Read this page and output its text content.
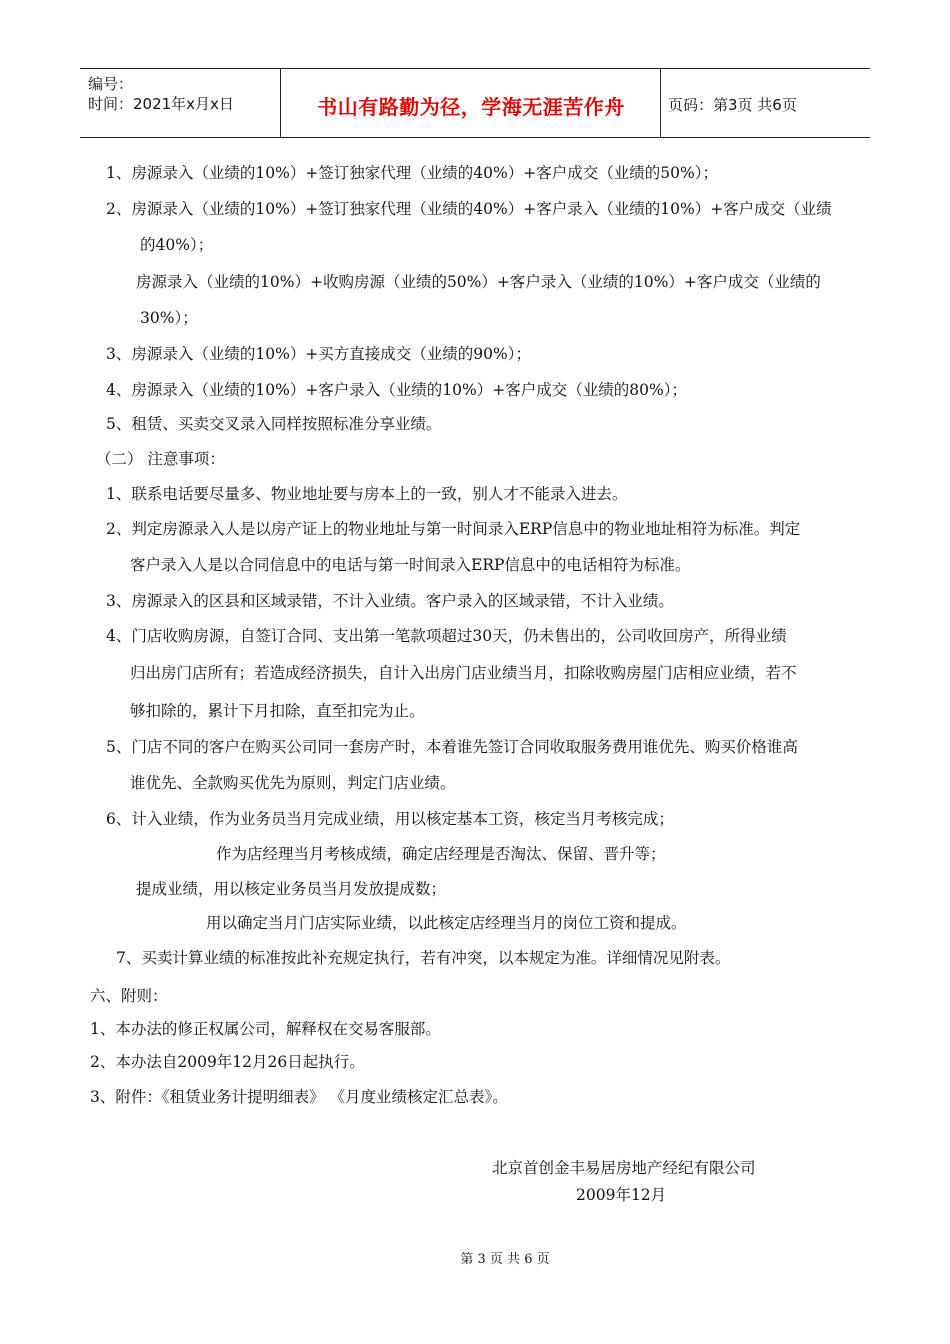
编号：
时间：2021年x月x日	书山有路勤为径，学海无涯苦作舟	页码：第3页 共6页
1、房源录入（业绩的10%）+签订独家代理（业绩的40%）+客户成交（业绩的50%）；
2、房源录入（业绩的10%）+签订独家代理（业绩的40%）+客户录入（业绩的10%）+客户成交（业绩
的40%）；
房源录入（业绩的10%）+收购房源（业绩的50%）+客户录入（业绩的10%）+客户成交（业绩的
30%）；
3、房源录入（业绩的10%）+买方直接成交（业绩的90%）；
4、房源录入（业绩的10%）+客户录入（业绩的10%）+客户成交（业绩的80%）；
5、租赁、买卖交叉录入同样按照标准分享业绩。
（二） 注意事项：
1、联系电话要尽量多、物业地址要与房本上的一致，别人才不能录入进去。
2、判定房源录入人是以房产证上的物业地址与第一时间录入ERP信息中的物业地址相符为标准。判定
客户录入人是以合同信息中的电话与第一时间录入ERP信息中的电话相符为标准。
3、房源录入的区县和区域录错，不计入业绩。客户录入的区域录错，不计入业绩。
4、门店收购房源，自签订合同、支出第一笔款项超过30天，仍未售出的，公司收回房产，所得业绩
归出房门店所有；若造成经济损失，自计入出房门店业绩当月，扣除收购房屋门店相应业绩，若不
够扣除的，累计下月扣除，直至扣完为止。
5、门店不同的客户在购买公司同一套房产时，本着谁先签订合同收取服务费用谁优先、购买价格谁高
谁优先、全款购买优先为原则，判定门店业绩。
6、计入业绩，作为业务员当月完成业绩，用以核定基本工资，核定当月考核完成；
作为店经理当月考核成绩，确定店经理是否淘汰、保留、晋升等；
提成业绩，用以核定业务员当月发放提成数；
用以确定当月门店实际业绩，以此核定店经理当月的岗位工资和提成。
7、买卖计算业绩的标准按此补充规定执行，若有冲突，以本规定为准。详细情况见附表。
六、附则：
1、本办法的修正权属公司，解释权在交易客服部。
2、本办法自2009年12月26日起执行。
3、附件：《租赁业务计提明细表》 《月度业绩核定汇总表》。
北京首创金丰易居房地产经纪有限公司
2009年12月
第 3 页 共 6 页
